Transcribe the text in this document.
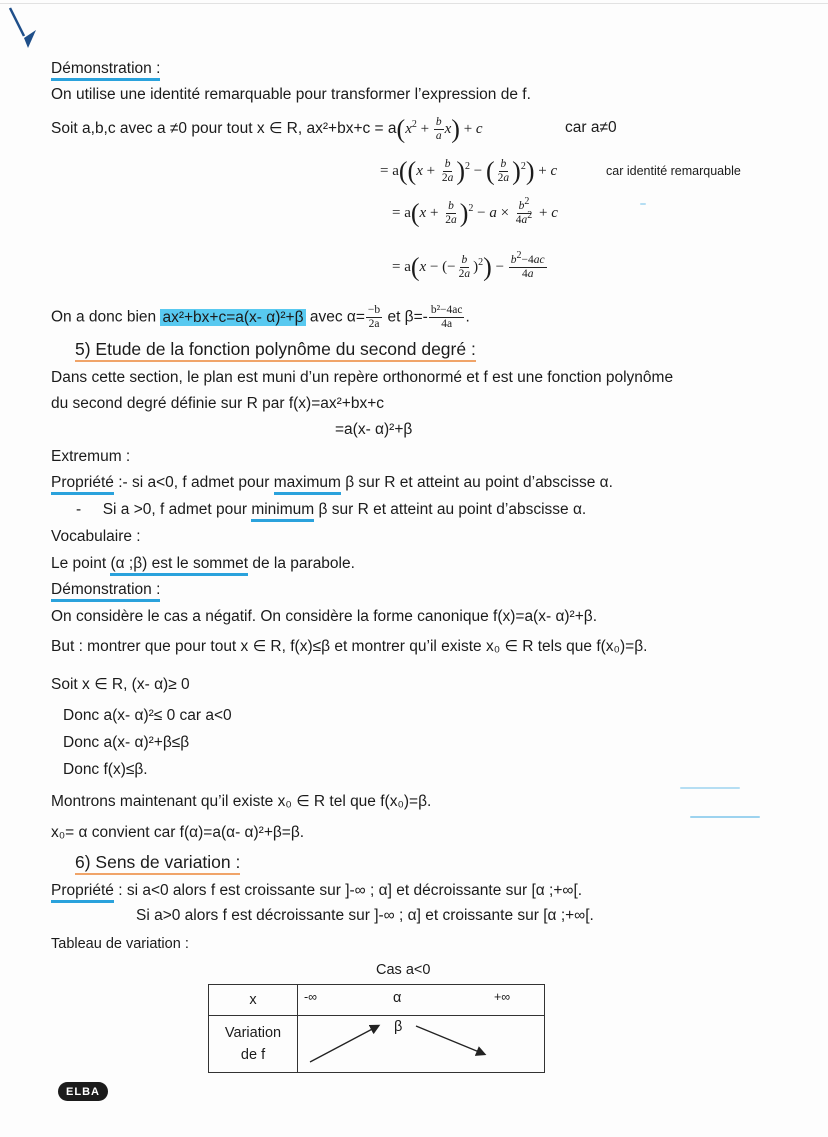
Démonstration :
On utilise une identité remarquable pour transformer l’expression de f.
Soit a,b,c avec a ≠0 pour tout x ∈ R, $ax^2+bx+c = a(x^2 + \frac{b}{a} x) + c$	car a≠0
= $a((x + \frac{b}{2a} )^2$ − ( $\frac{b}{2a} )^2) + c$	car identité remarquable
= $a(x + \frac{b}{2a} )^2 - a \times \frac{b^2}{4a^2} + c$
= a(x − (− $\frac{b}{2a} )^2) - \frac{b^2-4ac}{4a}$
On a donc bien ax²+bx+c=a(x- α)²+β avec $\alpha= \frac{-b}{2a}$ et $\beta=- \frac{\text{b²−4ac}}{4a}$ .
5) Etude de la fonction polynôme du second degré :
Dans cette section, le plan est muni d’un repère orthonormé et f est une fonction polynôme
du second degré définie sur R par f(x)=ax²+bx+c
=a(x- α)²+β
Extremum :
Propriété :- si a<0, f admet pour maximum β sur R et atteint au point d’abscisse α.
-     Si a >0, f admet pour minimum β sur R et atteint au point d’abscisse α.
Vocabulaire :
Le point (α ;β) est le sommet de la parabole.
Démonstration :
On considère le cas a négatif. On considère la forme canonique f(x)=a(x- α)²+β.
But : montrer que pour tout x ∈ R, f(x)≤β et montrer qu’il existe x₀ ∈ R tels que f(x₀)=β.
Soit x ∈ R, (x- α)≥ 0
Donc a(x- α)²≤ 0 car a<0
Donc a(x- α)²+β≤β
Donc f(x)≤β.
Montrons maintenant qu’il existe x₀ ∈ R tel que f(x₀)=β.
x₀= α convient car f(α)=a(α- α)²+β=β.
6) Sens de variation :
Propriété : si a<0 alors f est croissante sur ]-∞ ; α] et décroissante sur [α ;+∞[.
Si a>0 alors f est décroissante sur ]-∞ ; α] et croissante sur [α ;+∞[.
Tableau de variation :
Cas a<0
x	-∞ α +∞

Variation
de f	β
ELBA
